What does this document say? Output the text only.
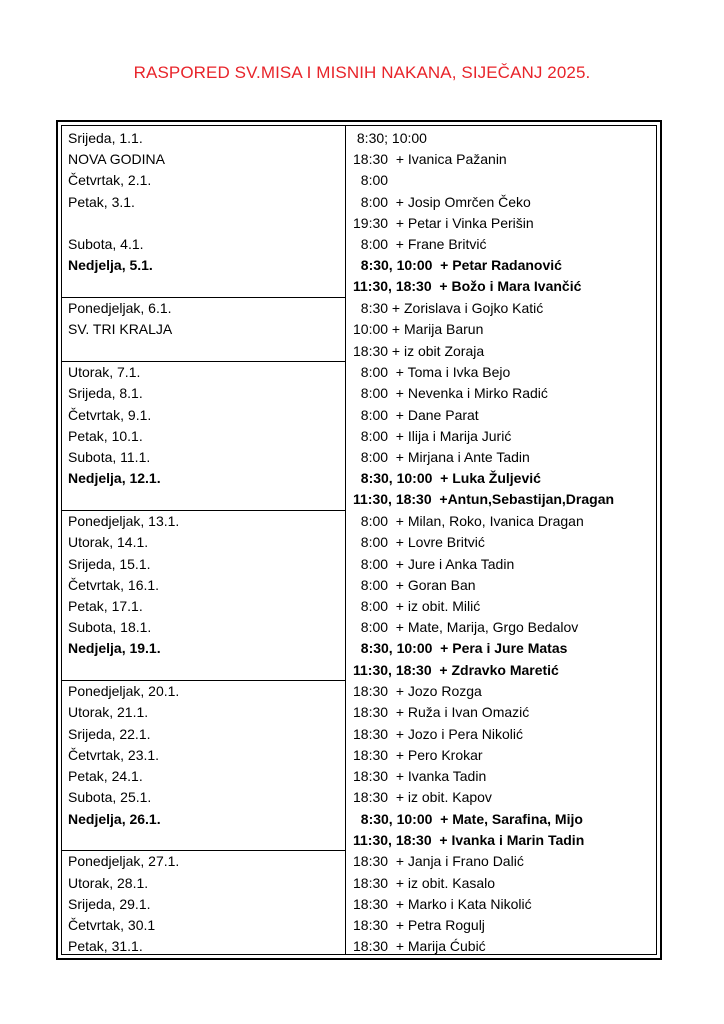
RASPORED SV.MISA I MISNIH NAKANA, SIJEČANJ 2025.
Srijeda, 1.1.	8:30; 10:00
NOVA GODINA	18:30  + Ivanica Pažanin
Četvrtak, 2.1.	8:00
Petak, 3.1.	8:00  + Josip Omrčen Čeko
	19:30  + Petar i Vinka Perišin
Subota, 4.1.	8:00  + Frane Britvić
Nedjelja, 5.1.	8:30, 10:00  + Petar Radanović
	11:30, 18:30  + Božo i Mara Ivančić
Ponedjeljak, 6.1.	8:30 + Zorislava i Gojko Katić
SV. TRI KRALJA	10:00 + Marija Barun
	18:30 + iz obit Zoraja
Utorak, 7.1.	8:00  + Toma i Ivka Bejo
Srijeda, 8.1.	8:00  + Nevenka i Mirko Radić
Četvrtak, 9.1.	8:00  + Dane Parat
Petak, 10.1.	8:00  + Ilija i Marija Jurić
Subota, 11.1.	8:00  + Mirjana i Ante Tadin
Nedjelja, 12.1.	8:30, 10:00  + Luka Žuljević
	11:30, 18:30  +Antun,Sebastijan,Dragan
Ponedjeljak, 13.1.	8:00  + Milan, Roko, Ivanica Dragan
Utorak, 14.1.	8:00  + Lovre Britvić
Srijeda, 15.1.	8:00  + Jure i Anka Tadin
Četvrtak, 16.1.	8:00  + Goran Ban
Petak, 17.1.	8:00  + iz obit. Milić
Subota, 18.1.	8:00  + Mate, Marija, Grgo Bedalov
Nedjelja, 19.1.	8:30, 10:00  + Pera i Jure Matas
	11:30, 18:30  + Zdravko Maretić
Ponedjeljak, 20.1.	18:30  + Jozo Rozga
Utorak, 21.1.	18:30  + Ruža i Ivan Omazić
Srijeda, 22.1.	18:30  + Jozo i Pera Nikolić
Četvrtak, 23.1.	18:30  + Pero Krokar
Petak, 24.1.	18:30  + Ivanka Tadin
Subota, 25.1.	18:30  + iz obit. Kapov
Nedjelja, 26.1.	8:30, 10:00  + Mate, Sarafina, Mijo
	11:30, 18:30  + Ivanka i Marin Tadin
Ponedjeljak, 27.1.	18:30  + Janja i Frano Dalić
Utorak, 28.1.	18:30  + iz obit. Kasalo
Srijeda, 29.1.	18:30  + Marko i Kata Nikolić
Četvrtak, 30.1	18:30  + Petra Rogulj
Petak, 31.1.	18:30  + Marija Ćubić
